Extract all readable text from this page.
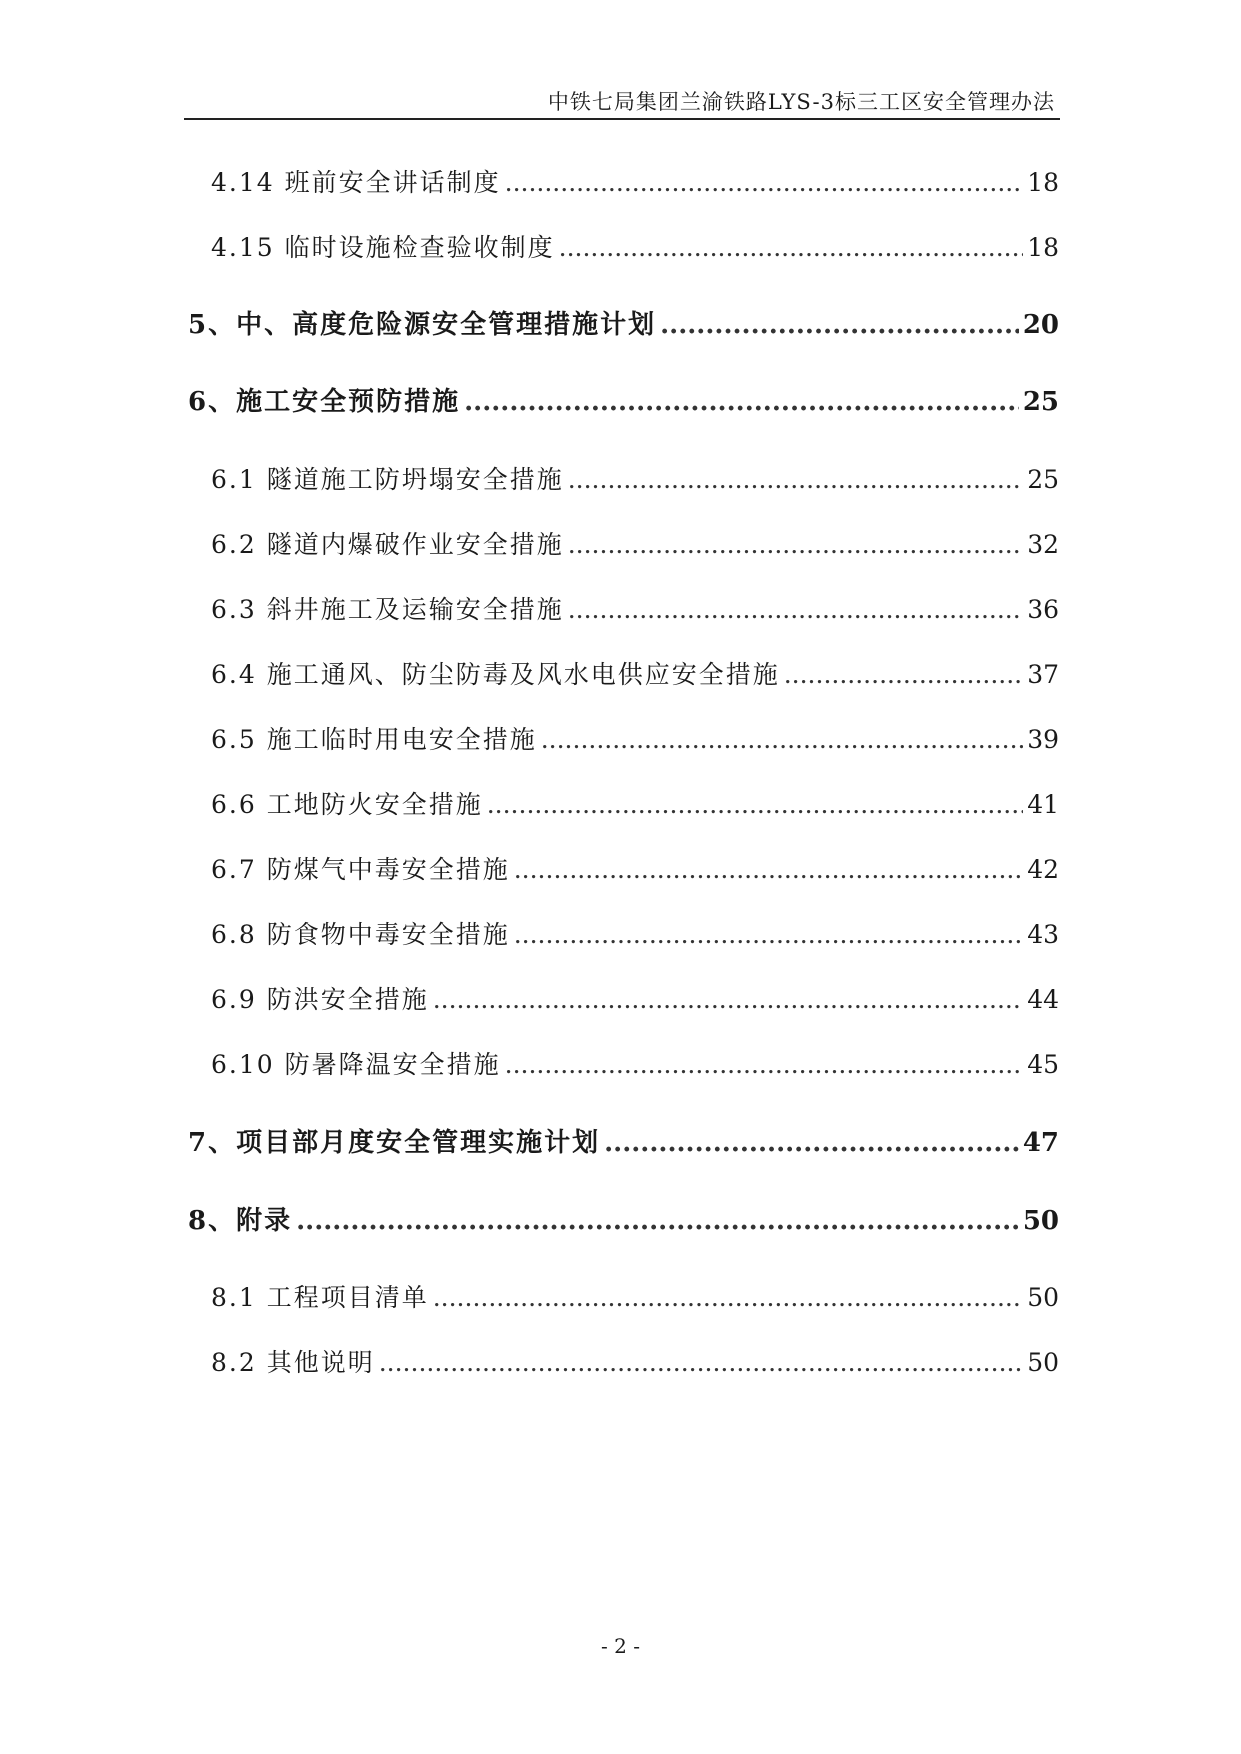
中铁七局集团兰渝铁路LYS-3标三工区安全管理办法
4.14 班前安全讲话制度 .....	18
4.15 临时设施检查验收制度 .....	18
5、中、高度危险源安全管理措施计划 .....	20
6、施工安全预防措施 .....	25
6.1 隧道施工防坍塌安全措施 .....	25
6.2 隧道内爆破作业安全措施 .....	32
6.3 斜井施工及运输安全措施 .....	36
6.4 施工通风、防尘防毒及风水电供应安全措施 .....	37
6.5 施工临时用电安全措施 .....	39
6.6 工地防火安全措施 .....	41
6.7 防煤气中毒安全措施 .....	42
6.8 防食物中毒安全措施 .....	43
6.9 防洪安全措施 .....	44
6.10 防暑降温安全措施 .....	45
7、项目部月度安全管理实施计划 .....	47
8、附录 .....	50
8.1 工程项目清单 .....	50
8.2 其他说明 .....	50
- 2 -
